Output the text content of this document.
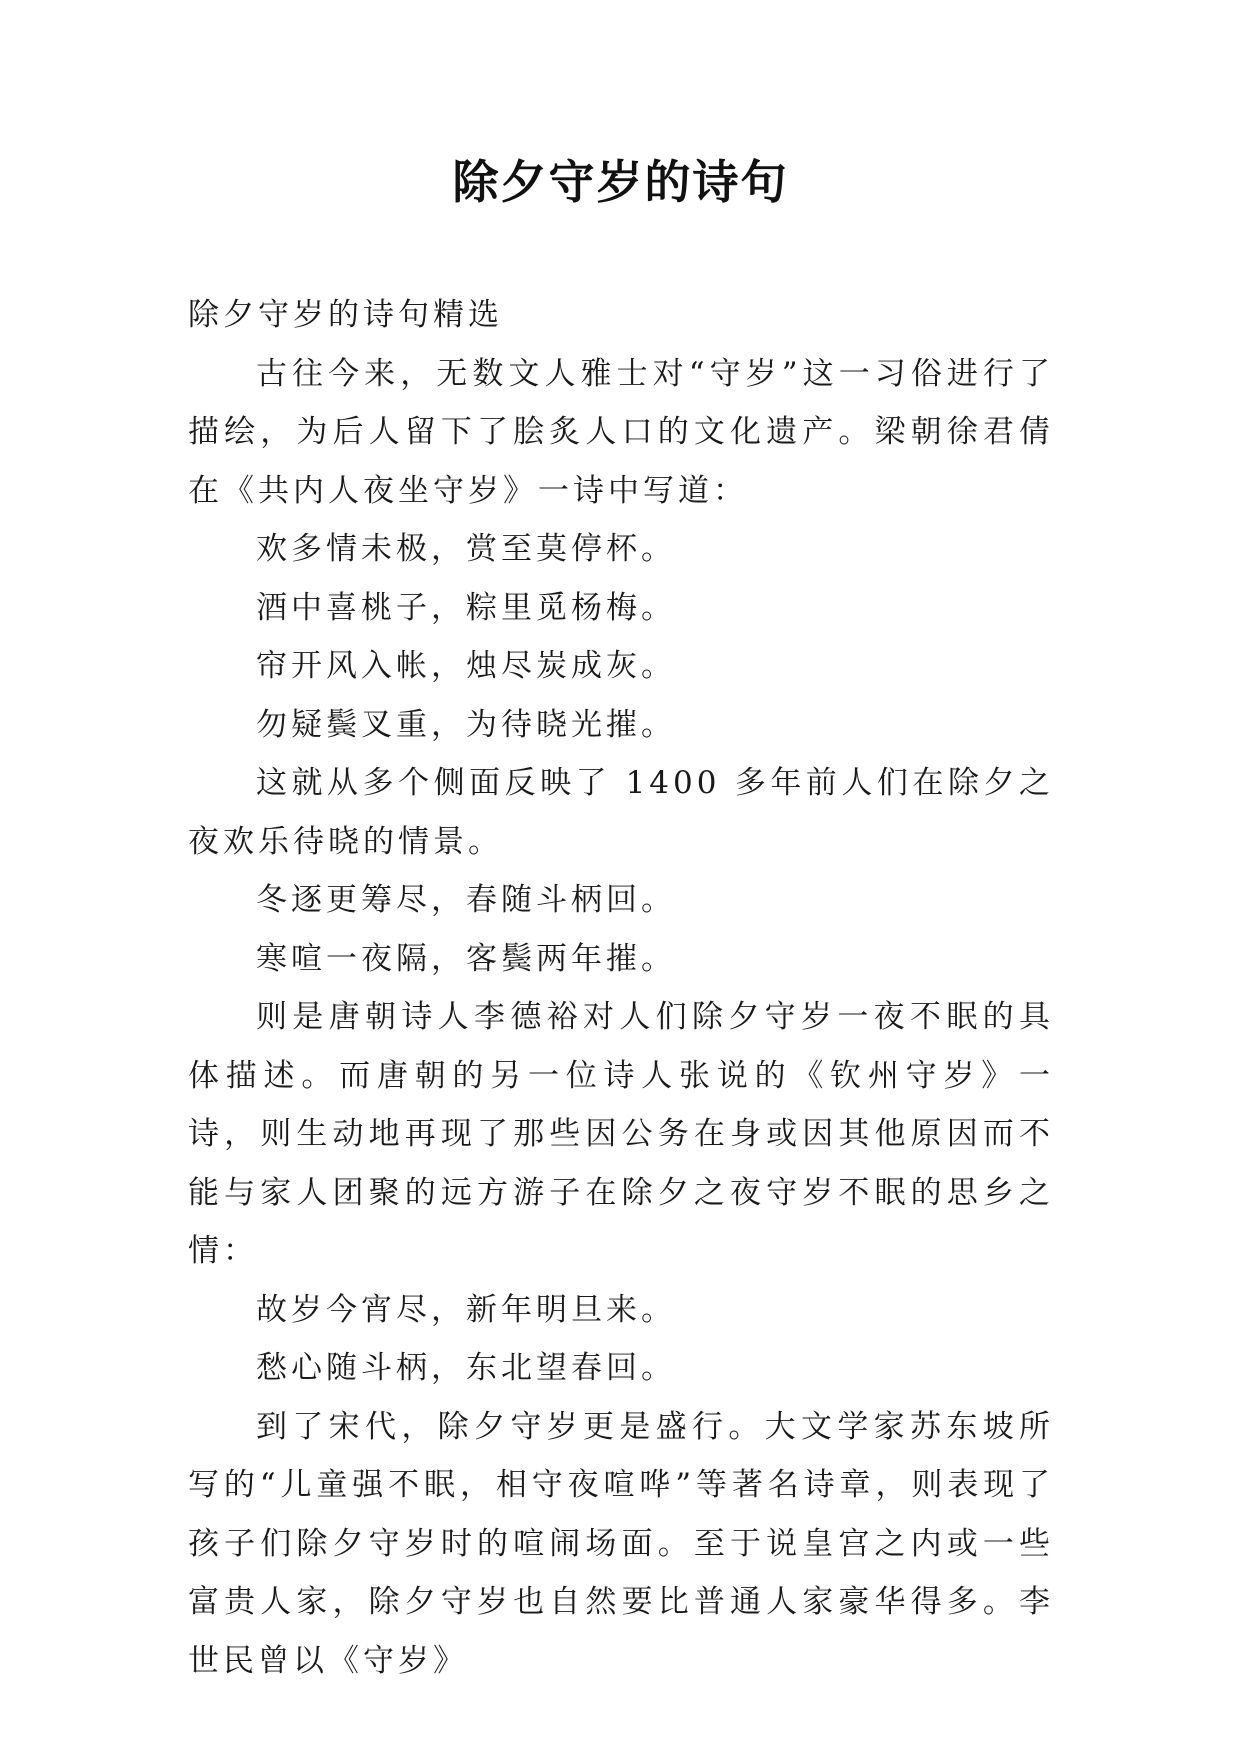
除夕守岁的诗句

除夕守岁的诗句精选

古往今来，无数文人雅士对“守岁”这一习俗进行了描绘，为后人留下了脍炙人口的文化遗产。梁朝徐君倩在《共内人夜坐守岁》一诗中写道：

欢多情未极，赏至莫停杯。

酒中喜桃子，粽里觅杨梅。

帘开风入帐，烛尽炭成灰。

勿疑鬓叉重，为待晓光摧。

这就从多个侧面反映了 1400 多年前人们在除夕之夜欢乐待晓的情景。

冬逐更筹尽，春随斗柄回。

寒喧一夜隔，客鬓两年摧。

则是唐朝诗人李德裕对人们除夕守岁一夜不眠的具体描述。而唐朝的另一位诗人张说的《钦州守岁》一诗，则生动地再现了那些因公务在身或因其他原因而不能与家人团聚的远方游子在除夕之夜守岁不眠的思乡之情：

故岁今宵尽，新年明旦来。

愁心随斗柄，东北望春回。

到了宋代，除夕守岁更是盛行。大文学家苏东坡所写的“儿童强不眠，相守夜喧哗”等著名诗章，则表现了孩子们除夕守岁时的喧闹场面。至于说皇宫之内或一些富贵人家，除夕守岁也自然要比普通人家豪华得多。李世民曾以《守岁》
